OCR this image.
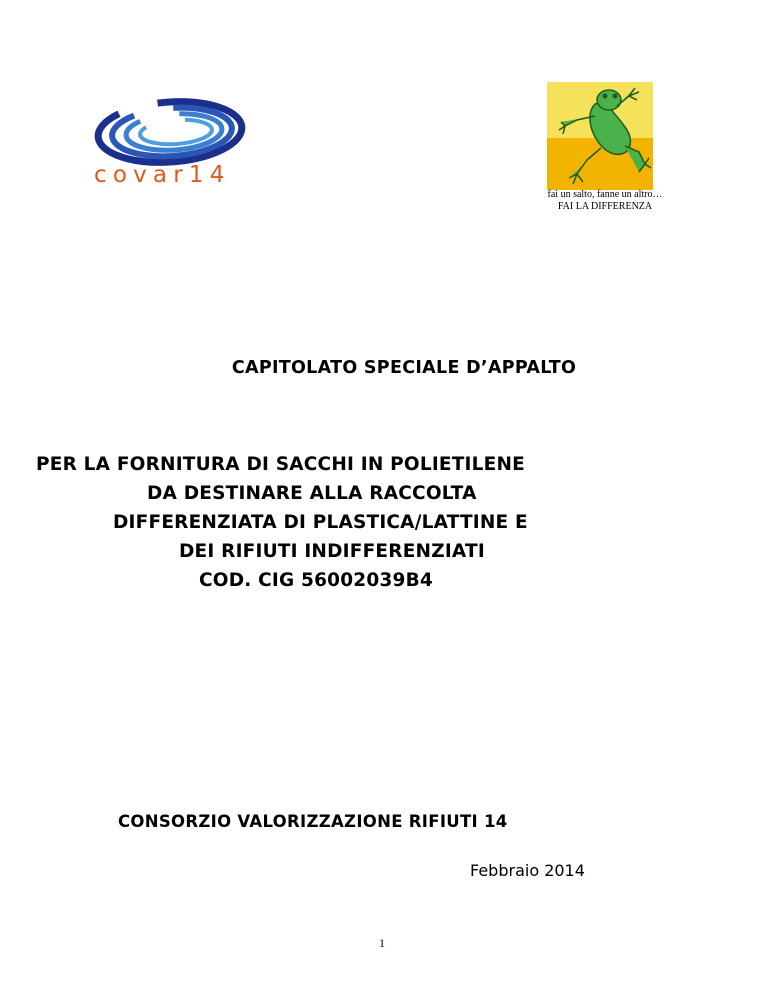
covar14
fai un salto, fanne un altro…
FAI LA DIFFERENZA
CAPITOLATO SPECIALE D’APPALTO
PER LA FORNITURA DI SACCHI IN POLIETILENE
DA DESTINARE ALLA RACCOLTA
DIFFERENZIATA DI PLASTICA/LATTINE E
DEI RIFIUTI INDIFFERENZIATI
COD. CIG 56002039B4
CONSORZIO VALORIZZAZIONE RIFIUTI 14
Febbraio 2014
1
